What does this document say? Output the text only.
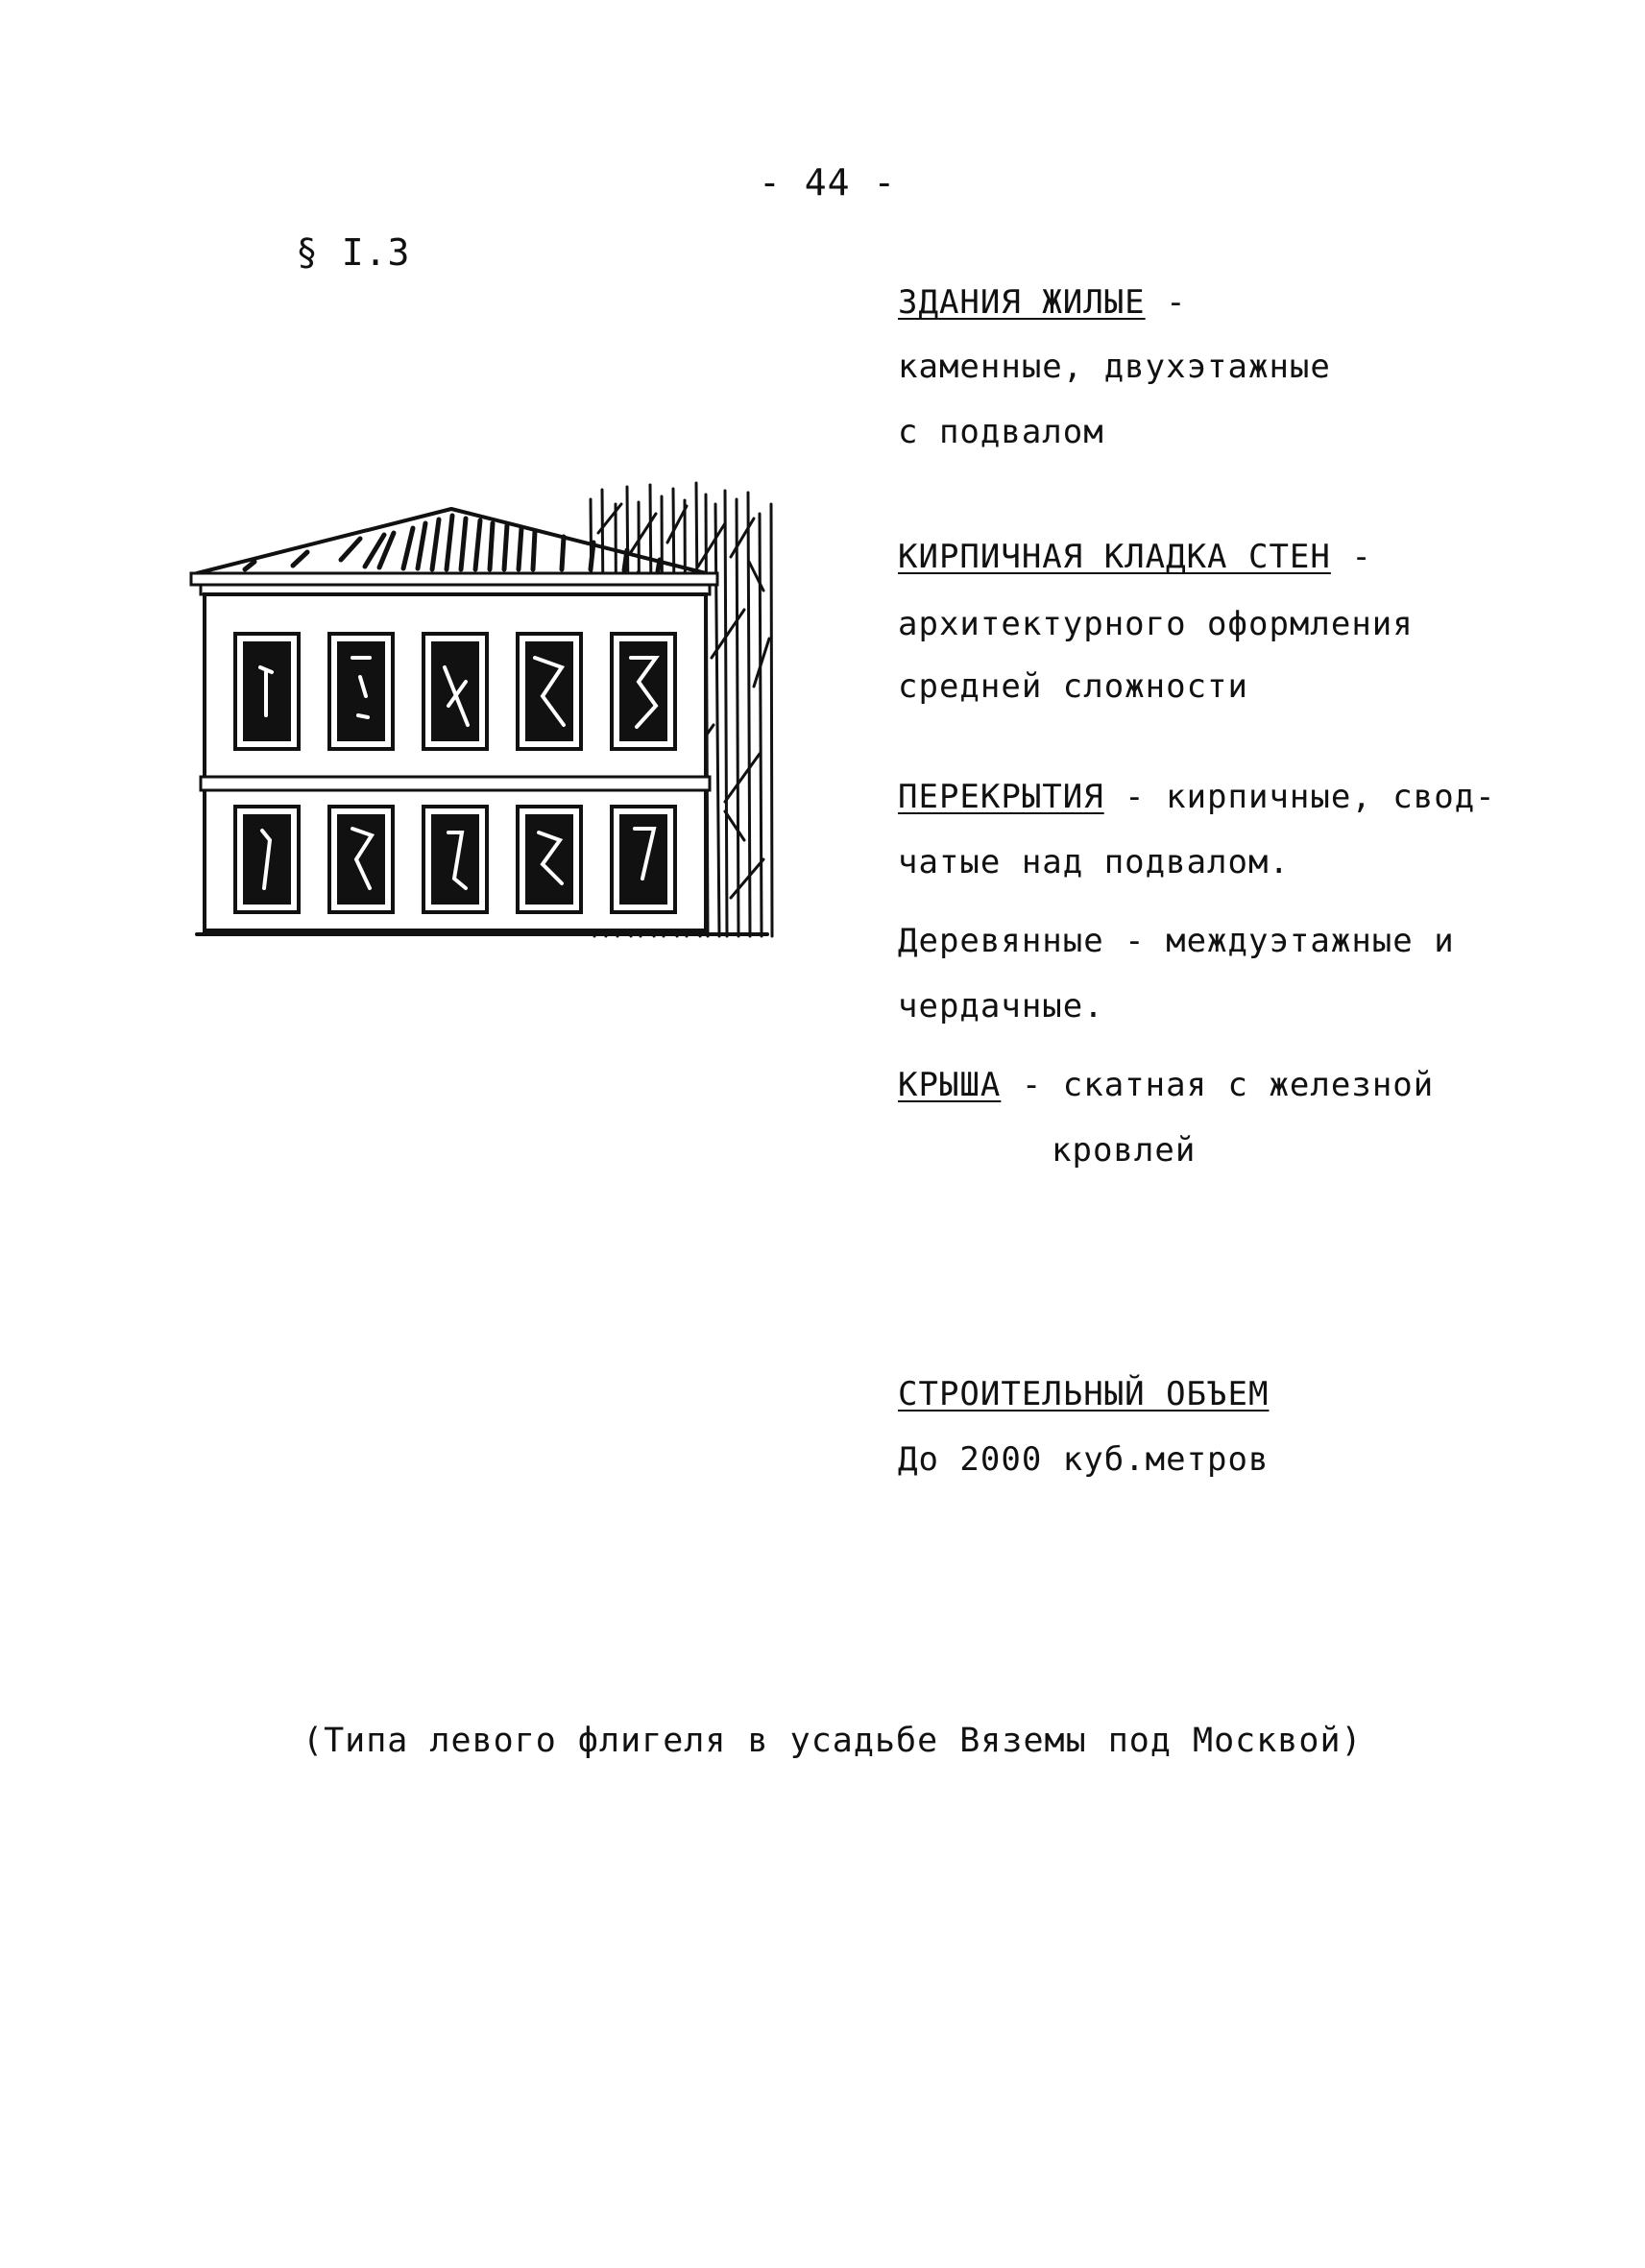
- 44 -
§ I.3
ЗДАНИЯ ЖИЛЫЕ -
каменные, двухэтажные
с подвалом
КИРПИЧНАЯ КЛАДКА СТЕН -
архитектурного оформления
средней сложности
ПЕРЕКРЫТИЯ - кирпичные, свод-
чатые над подвалом.
Деревянные - междуэтажные и
чердачные.
КРЫША - скатная с железной
кровлей
СТРОИТЕЛЬНЫЙ ОБЪЕМ
До 2000 куб.метров
(Типа левого флигеля в усадьбе Вяземы под Москвой)
